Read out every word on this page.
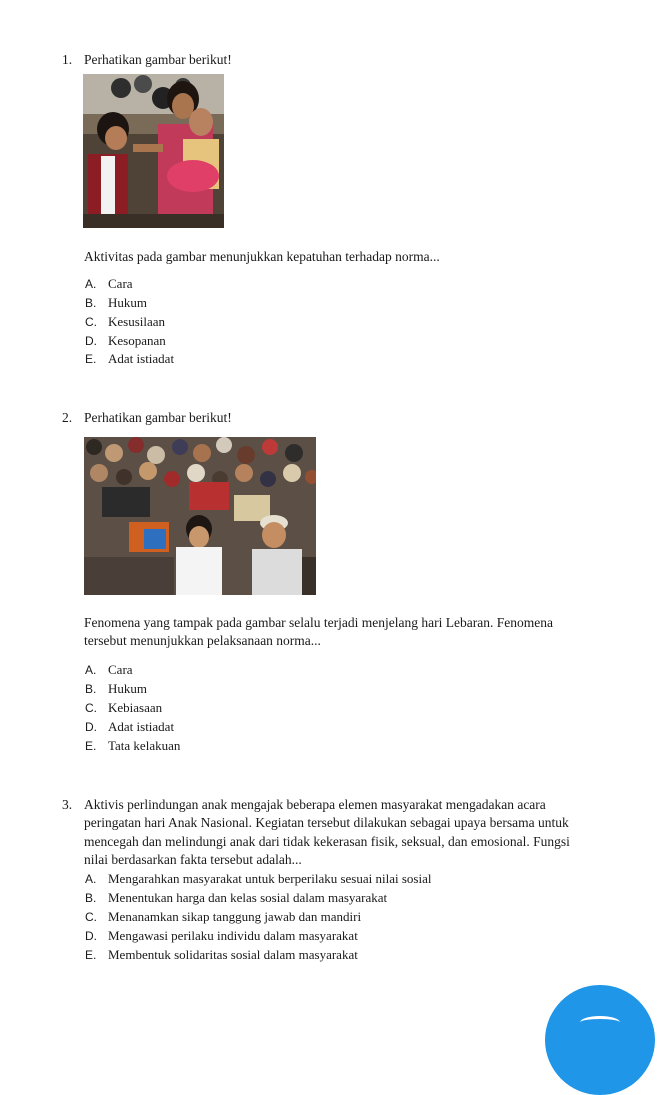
1. Perhatikan gambar berikut!
Aktivitas pada gambar menunjukkan kepatuhan terhadap norma...
A. Cara
B. Hukum
C. Kesusilaan
D. Kesopanan
E. Adat istiadat
2. Perhatikan gambar berikut!
Fenomena yang tampak pada gambar selalu terjadi menjelang hari Lebaran. Fenomena
tersebut menunjukkan pelaksanaan norma...
A. Cara
B. Hukum
C. Kebiasaan
D. Adat istiadat
E. Tata kelakuan
3. Aktivis perlindungan anak mengajak beberapa elemen masyarakat mengadakan acara
peringatan hari Anak Nasional. Kegiatan tersebut dilakukan sebagai upaya bersama untuk
mencegah dan melindungi anak dari tidak kekerasan fisik, seksual, dan emosional. Fungsi
nilai berdasarkan fakta tersebut adalah...
A. Mengarahkan masyarakat untuk berperilaku sesuai nilai sosial
B. Menentukan harga dan kelas sosial dalam masyarakat
C. Menanamkan sikap tanggung jawab dan mandiri
D. Mengawasi perilaku individu dalam masyarakat
E. Membentuk solidaritas sosial dalam masyarakat
